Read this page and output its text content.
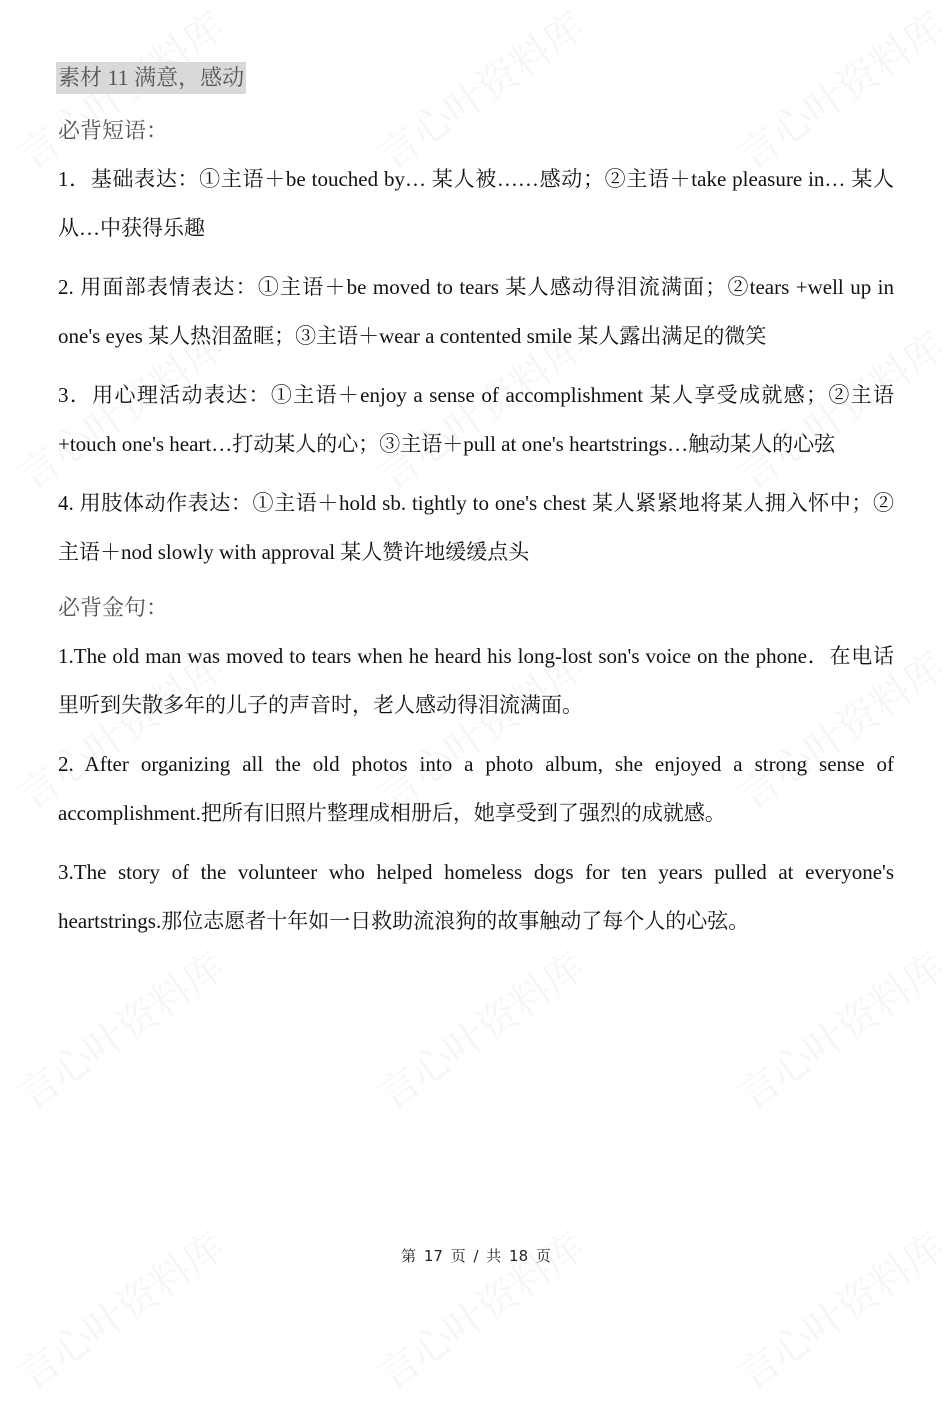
素材 11 满意，感动
必背短语：

1．基础表达：①主语＋be touched by… 某人被……感动；②主语＋take pleasure in… 某人从…中获得乐趣

2. 用面部表情表达：①主语＋be moved to tears 某人感动得泪流满面；②tears +well up in one's eyes 某人热泪盈眶；③主语＋wear a contented smile 某人露出满足的微笑

3．用心理活动表达：①主语＋enjoy a sense of accomplishment 某人享受成就感；②主语+touch one's heart…打动某人的心；③主语＋pull at one's heartstrings…触动某人的心弦

4. 用肢体动作表达：①主语＋hold sb. tightly to one's chest 某人紧紧地将某人拥入怀中；②主语＋nod slowly with approval 某人赞许地缓缓点头

必背金句：

1.The old man was moved to tears when he heard his long-lost son's voice on the phone．在电话里听到失散多年的儿子的声音时，老人感动得泪流满面。

2. After organizing all the old photos into a photo album, she enjoyed a strong sense of accomplishment.把所有旧照片整理成相册后，她享受到了强烈的成就感。

3.The story of the volunteer who helped homeless dogs for ten years pulled at everyone's heartstrings.那位志愿者十年如一日救助流浪狗的故事触动了每个人的心弦。

第 17 页 / 共 18 页
